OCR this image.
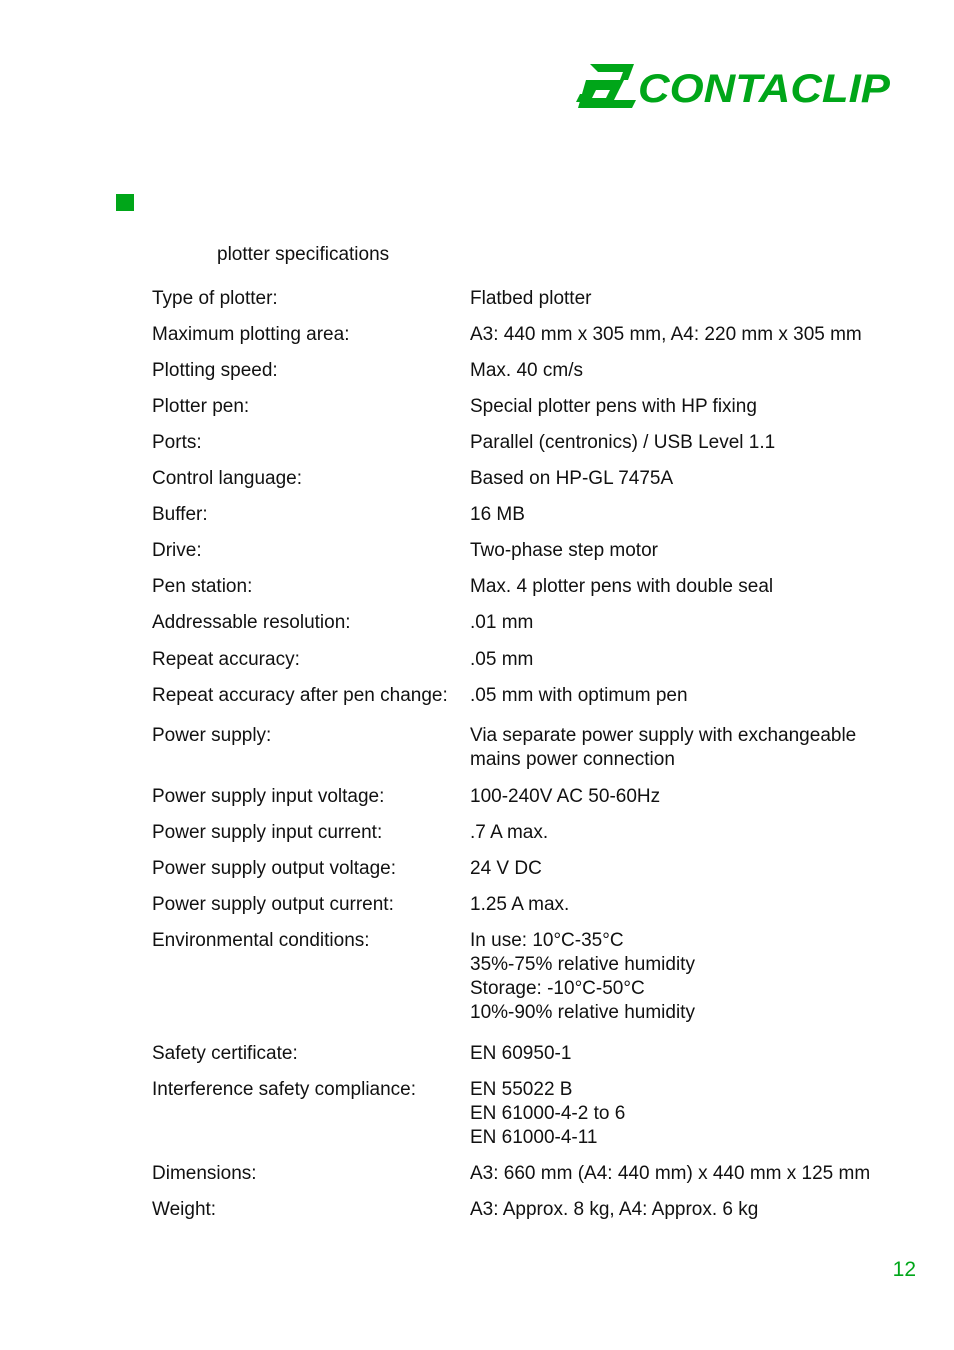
CONTACLIP
plotter specifications
Type of plotter:	Flatbed plotter
Maximum plotting area:	A3: 440 mm x 305 mm, A4: 220 mm x 305 mm
Plotting speed:	Max. 40 cm/s
Plotter pen:	Special plotter pens with HP fixing
Ports:	Parallel (centronics) / USB Level 1.1
Control language:	Based on HP-GL 7475A
Buffer:	16 MB
Drive:	Two-phase step motor
Pen station:	Max. 4 plotter pens with double seal
Addressable resolution:	.01 mm
Repeat accuracy:	.05 mm
Repeat accuracy after pen change:	.05 mm with optimum pen
Power supply:	Via separate power supply with exchangeable
mains power connection
Power supply input voltage:	100-240V AC 50-60Hz
Power supply input current:	.7 A max.
Power supply output voltage:	24 V DC
Power supply output current:	1.25 A max.
Environmental conditions:	In use: 10°C-35°C
35%-75% relative humidity
Storage: -10°C-50°C
10%-90% relative humidity
Safety certificate:	EN 60950-1
Interference safety compliance:	EN 55022 B
EN 61000-4-2 to 6
EN 61000-4-11
Dimensions:	A3: 660 mm (A4: 440 mm) x 440 mm x 125 mm
Weight:	A3: Approx. 8 kg, A4: Approx. 6 kg
12
